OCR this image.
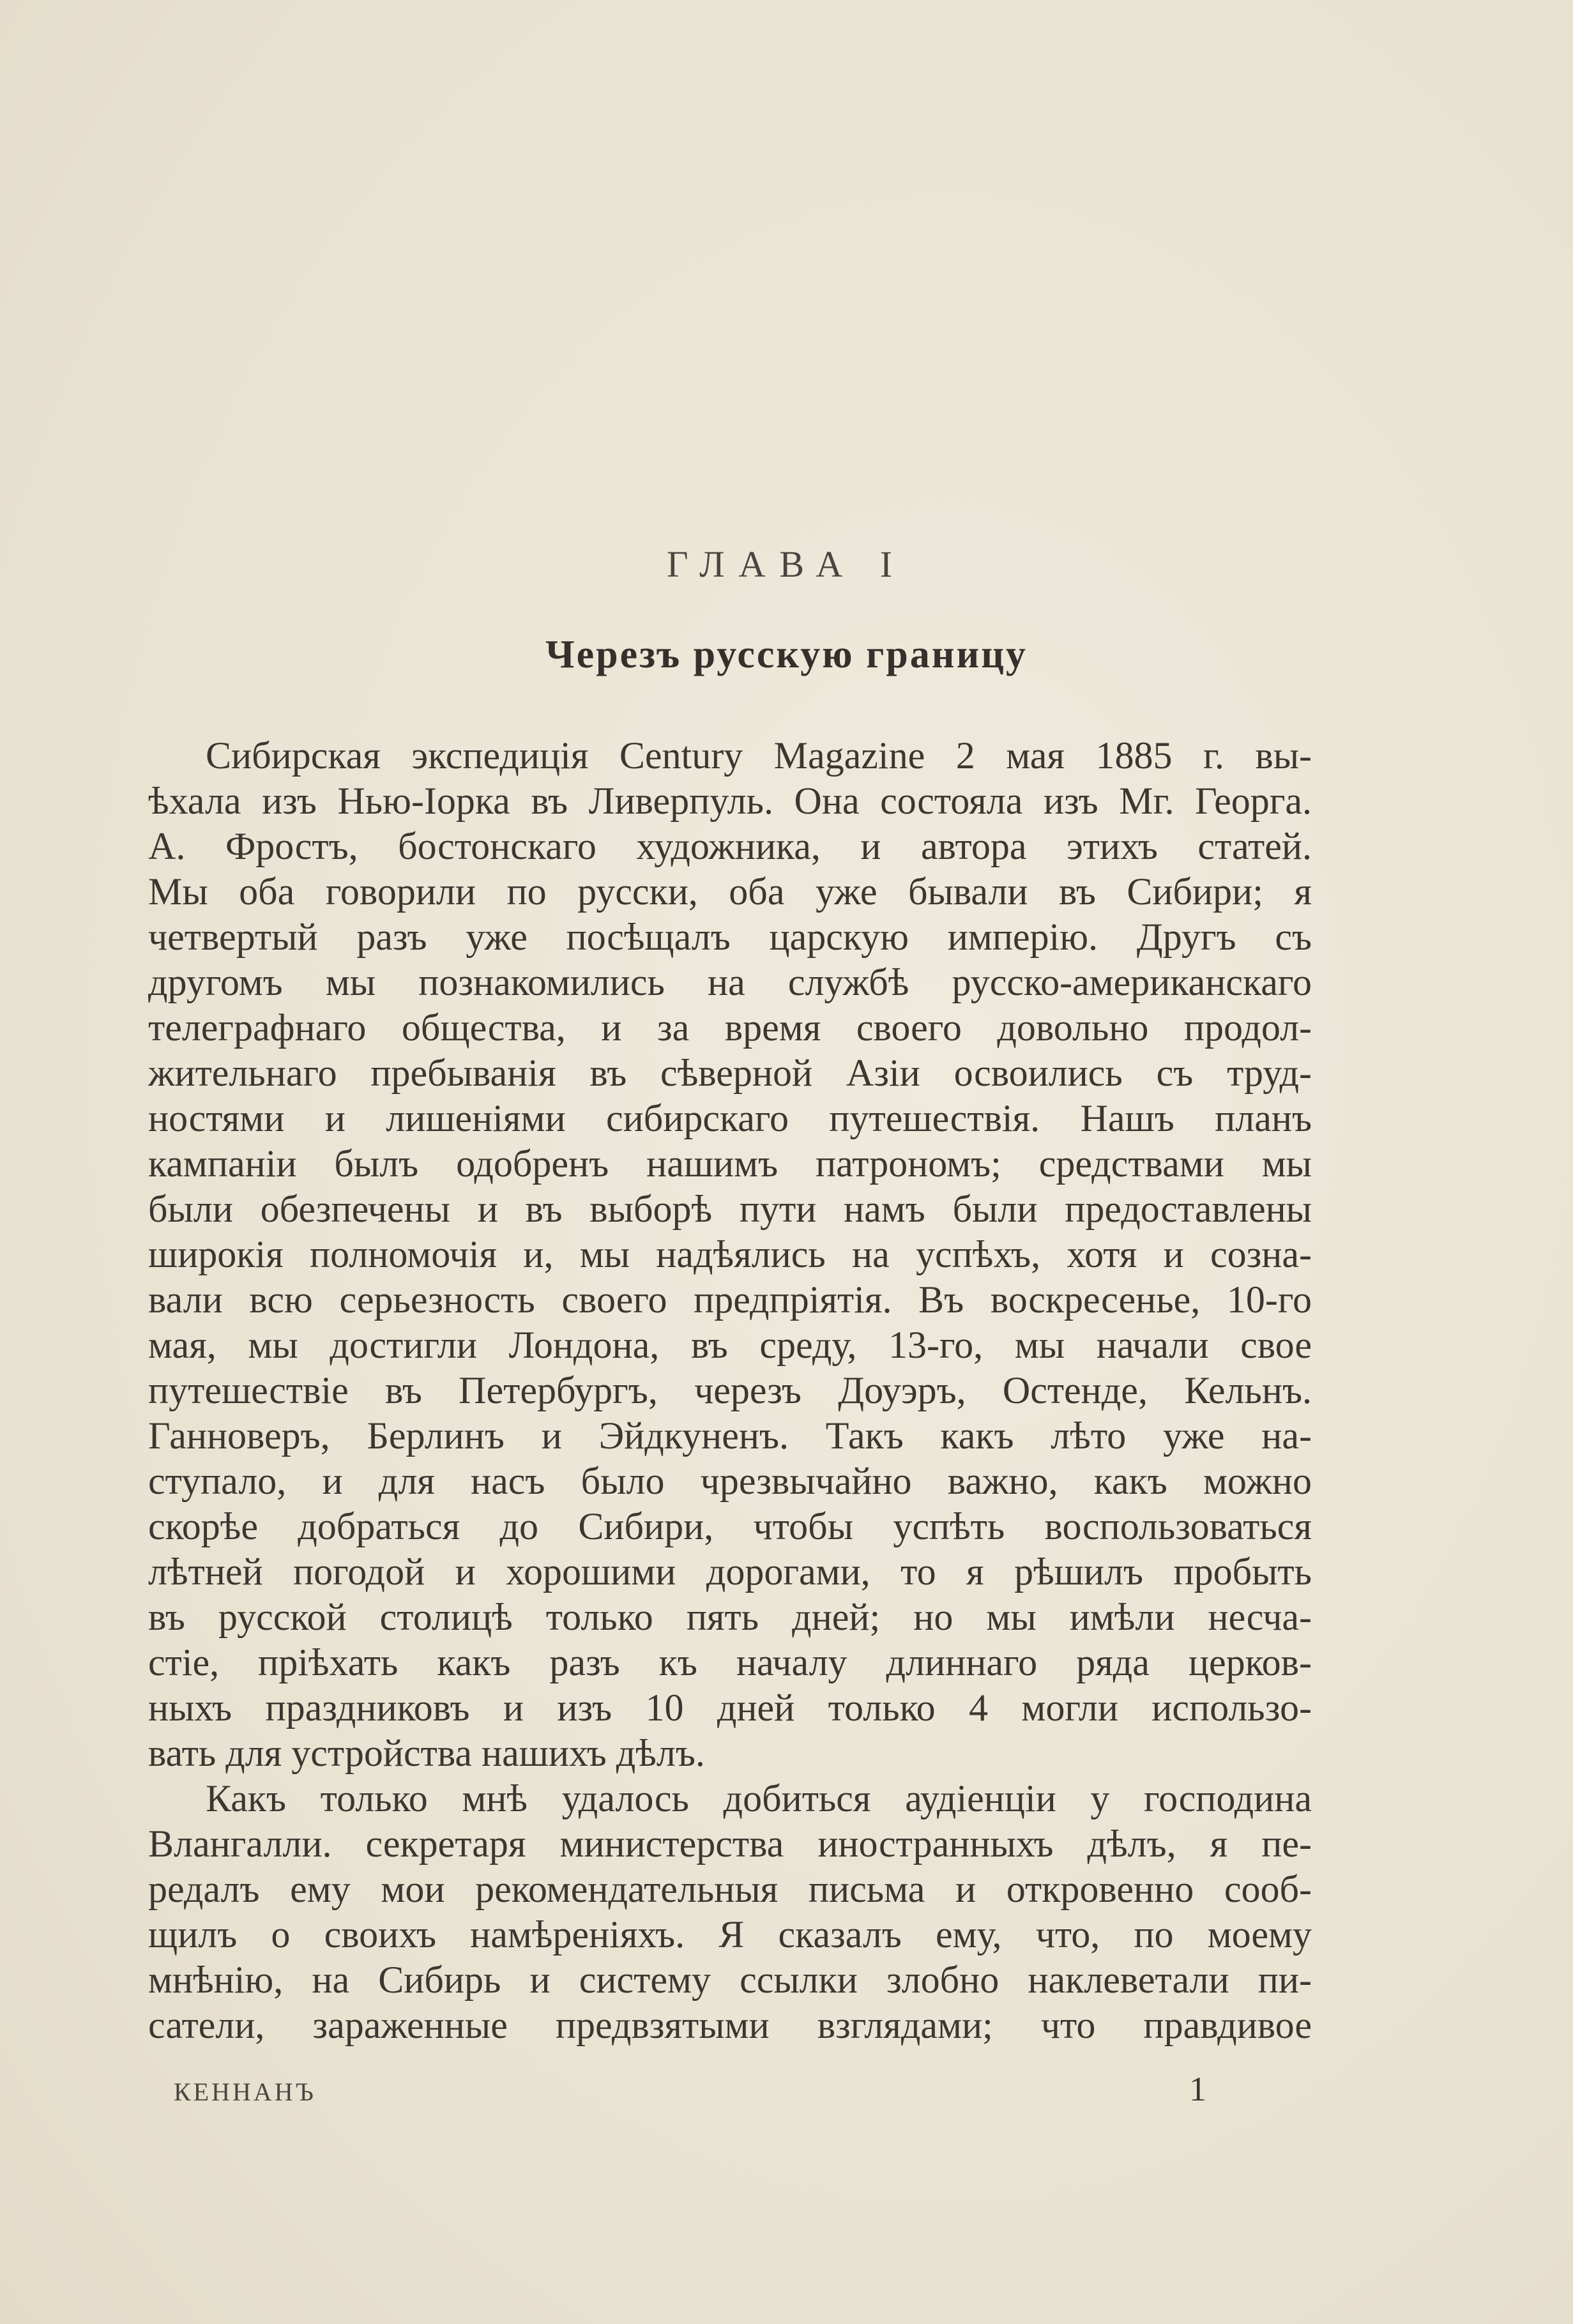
ГЛАВА I
Черезъ русскую границу
Сибирская экспедиція Century Magazine 2 мая 1885 г. вы-
ѣхала изъ Нью-Іорка въ Ливерпуль. Она состояла изъ Мг. Георга.
А. Фростъ, бостонскаго художника, и автора этихъ статей.
Мы оба говорили по русски, оба уже бывали въ Сибири; я
четвертый разъ уже посѣщалъ царскую имперію. Другъ съ
другомъ мы познакомились на службѣ русско-американскаго
телеграфнаго общества, и за время своего довольно продол-
жительнаго пребыванія въ сѣверной Азіи освоились съ труд-
ностями и лишеніями сибирскаго путешествія. Нашъ планъ
кампаніи былъ одобренъ нашимъ патрономъ; средствами мы
были обезпечены и въ выборѣ пути намъ были предоставлены
широкія полномочія и, мы надѣялись на успѣхъ, хотя и созна-
вали всю серьезность своего предпріятія. Въ воскресенье, 10-го
мая, мы достигли Лондона, въ среду, 13-го, мы начали свое
путешествіе въ Петербургъ, черезъ Доуэръ, Остенде, Кельнъ.
Ганноверъ, Берлинъ и Эйдкуненъ. Такъ какъ лѣто уже на-
ступало, и для насъ было чрезвычайно важно, какъ можно
скорѣе добраться до Сибири, чтобы успѣть воспользоваться
лѣтней погодой и хорошими дорогами, то я рѣшилъ пробыть
въ русской столицѣ только пять дней; но мы имѣли несча-
стіе, пріѣхать какъ разъ къ началу длиннаго ряда церков-
ныхъ праздниковъ и изъ 10 дней только 4 могли использо-
вать для устройства нашихъ дѣлъ.
Какъ только мнѣ удалось добиться аудіенціи у господина
Влангалли. секретаря министерства иностранныхъ дѣлъ, я пе-
редалъ ему мои рекомендательныя письма и откровенно сооб-
щилъ о своихъ намѣреніяхъ. Я сказалъ ему, что, по моему
мнѣнію, на Сибирь и систему ссылки злобно наклеветали пи-
сатели, зараженные предвзятыми взглядами; что правдивое
КЕННАНЪ	1
